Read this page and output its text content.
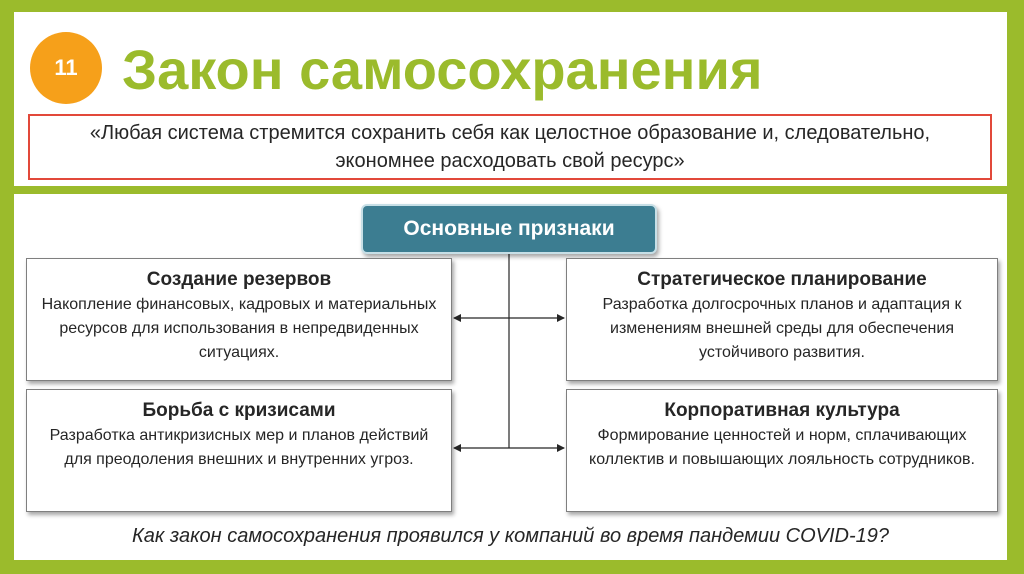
11 Закон самосохранения
«Любая система стремится сохранить себя как целостное образование и, следовательно, экономнее расходовать свой ресурс»
Основные признаки
Создание резервов
Накопление финансовых, кадровых и материальных ресурсов для использования в непредвиденных ситуациях.
Стратегическое планирование
Разработка долгосрочных планов и адаптация к изменениям внешней среды для обеспечения устойчивого развития.
Борьба с кризисами
Разработка антикризисных мер и планов действий для преодоления внешних и внутренних угроз.
Корпоративная культура
Формирование ценностей и норм, сплачивающих коллектив и повышающих лояльность сотрудников.
Как закон самосохранения проявился у компаний во время пандемии COVID-19?
